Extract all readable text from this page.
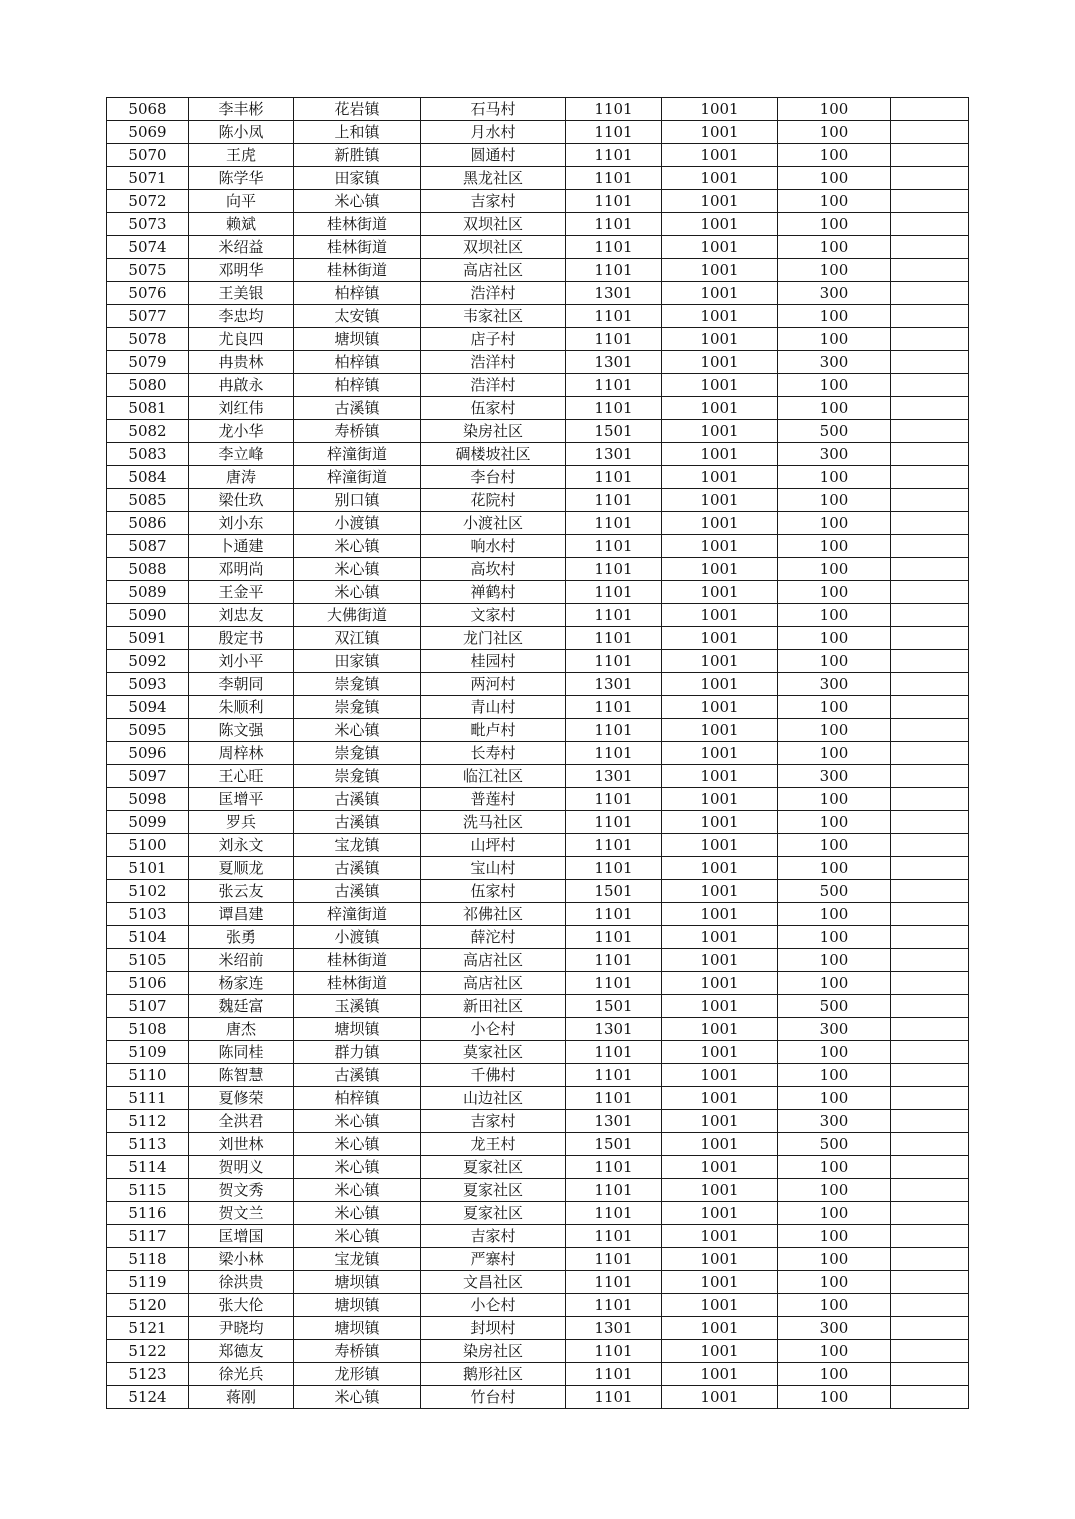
5068	李丰彬	花岩镇	石马村	1101	1001	100	
5069	陈小凤	上和镇	月水村	1101	1001	100	
5070	王虎	新胜镇	圆通村	1101	1001	100	
5071	陈学华	田家镇	黑龙社区	1101	1001	100	
5072	向平	米心镇	吉家村	1101	1001	100	
5073	赖斌	桂林街道	双坝社区	1101	1001	100	
5074	米绍益	桂林街道	双坝社区	1101	1001	100	
5075	邓明华	桂林街道	高店社区	1101	1001	100	
5076	王美银	柏梓镇	浩洋村	1301	1001	300	
5077	李忠均	太安镇	韦家社区	1101	1001	100	
5078	尤良四	塘坝镇	店子村	1101	1001	100	
5079	冉贵林	柏梓镇	浩洋村	1301	1001	300	
5080	冉啟永	柏梓镇	浩洋村	1101	1001	100	
5081	刘红伟	古溪镇	伍家村	1101	1001	100	
5082	龙小华	寿桥镇	染房社区	1501	1001	500	
5083	李立峰	梓潼街道	碉楼坡社区	1301	1001	300	
5084	唐涛	梓潼街道	李台村	1101	1001	100	
5085	梁仕玖	别口镇	花院村	1101	1001	100	
5086	刘小东	小渡镇	小渡社区	1101	1001	100	
5087	卜通建	米心镇	响水村	1101	1001	100	
5088	邓明尚	米心镇	高坎村	1101	1001	100	
5089	王金平	米心镇	禅鹤村	1101	1001	100	
5090	刘忠友	大佛街道	文家村	1101	1001	100	
5091	殷定书	双江镇	龙门社区	1101	1001	100	
5092	刘小平	田家镇	桂园村	1101	1001	100	
5093	李朝同	崇龛镇	两河村	1301	1001	300	
5094	朱顺利	崇龛镇	青山村	1101	1001	100	
5095	陈文强	米心镇	毗卢村	1101	1001	100	
5096	周梓林	崇龛镇	长寿村	1101	1001	100	
5097	王心旺	崇龛镇	临江社区	1301	1001	300	
5098	匡增平	古溪镇	普莲村	1101	1001	100	
5099	罗兵	古溪镇	洗马社区	1101	1001	100	
5100	刘永文	宝龙镇	山坪村	1101	1001	100	
5101	夏顺龙	古溪镇	宝山村	1101	1001	100	
5102	张云友	古溪镇	伍家村	1501	1001	500	
5103	谭昌建	梓潼街道	祁佛社区	1101	1001	100	
5104	张勇	小渡镇	薛沱村	1101	1001	100	
5105	米绍前	桂林街道	高店社区	1101	1001	100	
5106	杨家连	桂林街道	高店社区	1101	1001	100	
5107	魏廷富	玉溪镇	新田社区	1501	1001	500	
5108	唐杰	塘坝镇	小仑村	1301	1001	300	
5109	陈同桂	群力镇	莫家社区	1101	1001	100	
5110	陈智慧	古溪镇	千佛村	1101	1001	100	
5111	夏修荣	柏梓镇	山边社区	1101	1001	100	
5112	全洪君	米心镇	吉家村	1301	1001	300	
5113	刘世林	米心镇	龙王村	1501	1001	500	
5114	贺明义	米心镇	夏家社区	1101	1001	100	
5115	贺文秀	米心镇	夏家社区	1101	1001	100	
5116	贺文兰	米心镇	夏家社区	1101	1001	100	
5117	匡增国	米心镇	吉家村	1101	1001	100	
5118	梁小林	宝龙镇	严寨村	1101	1001	100	
5119	徐洪贵	塘坝镇	文昌社区	1101	1001	100	
5120	张大伦	塘坝镇	小仑村	1101	1001	100	
5121	尹晓均	塘坝镇	封坝村	1301	1001	300	
5122	郑德友	寿桥镇	染房社区	1101	1001	100	
5123	徐光兵	龙形镇	鹅形社区	1101	1001	100	
5124	蒋刚	米心镇	竹台村	1101	1001	100	
